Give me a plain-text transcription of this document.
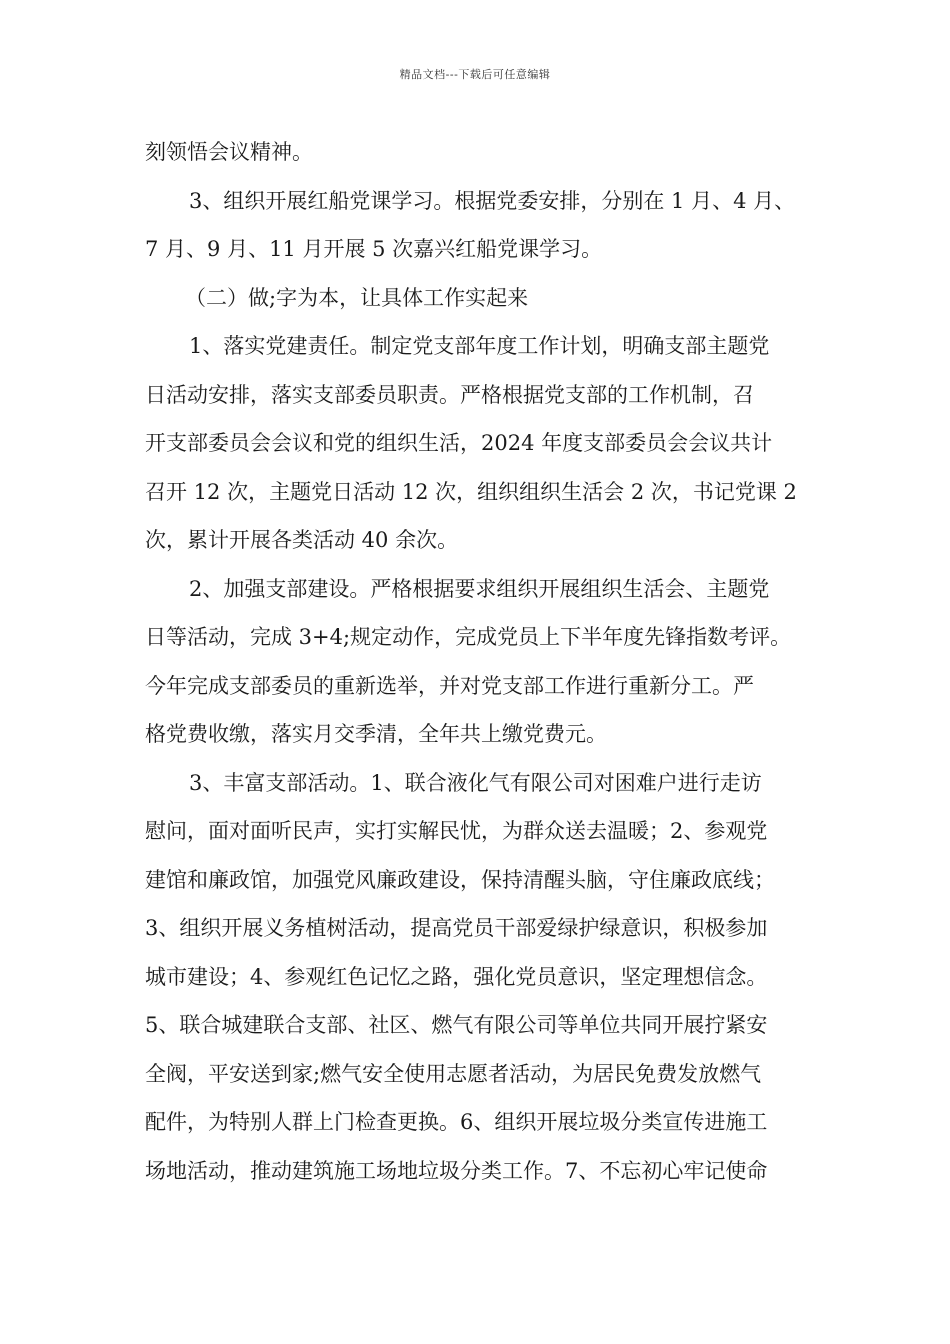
精品文档---下载后可任意编辑
刻领悟会议精神。
3、组织开展红船党课学习。根据党委安排，分别在 1 月、4 月、
7 月、9 月、11 月开展 5 次嘉兴红船党课学习。
（二）做;字为本，让具体工作实起来
1、落实党建责任。制定党支部年度工作计划，明确支部主题党
日活动安排，落实支部委员职责。严格根据党支部的工作机制，召
开支部委员会会议和党的组织生活，2024 年度支部委员会会议共计
召开 12 次，主题党日活动 12 次，组织组织生活会 2 次，书记党课 2
次，累计开展各类活动 40 余次。
2、加强支部建设。严格根据要求组织开展组织生活会、主题党
日等活动，完成 3+4;规定动作，完成党员上下半年度先锋指数考评。
今年完成支部委员的重新选举，并对党支部工作进行重新分工。严
格党费收缴，落实月交季清，全年共上缴党费元。
3、丰富支部活动。1、联合液化气有限公司对困难户进行走访
慰问，面对面听民声，实打实解民忧，为群众送去温暖；2、参观党
建馆和廉政馆，加强党风廉政建设，保持清醒头脑，守住廉政底线；
3、组织开展义务植树活动，提高党员干部爱绿护绿意识，积极参加
城市建设；4、参观红色记忆之路，强化党员意识，坚定理想信念。
5、联合城建联合支部、社区、燃气有限公司等单位共同开展拧紧安
全阀，平安送到家;燃气安全使用志愿者活动，为居民免费发放燃气
配件，为特别人群上门检查更换。6、组织开展垃圾分类宣传进施工
场地活动，推动建筑施工场地垃圾分类工作。7、不忘初心牢记使命
